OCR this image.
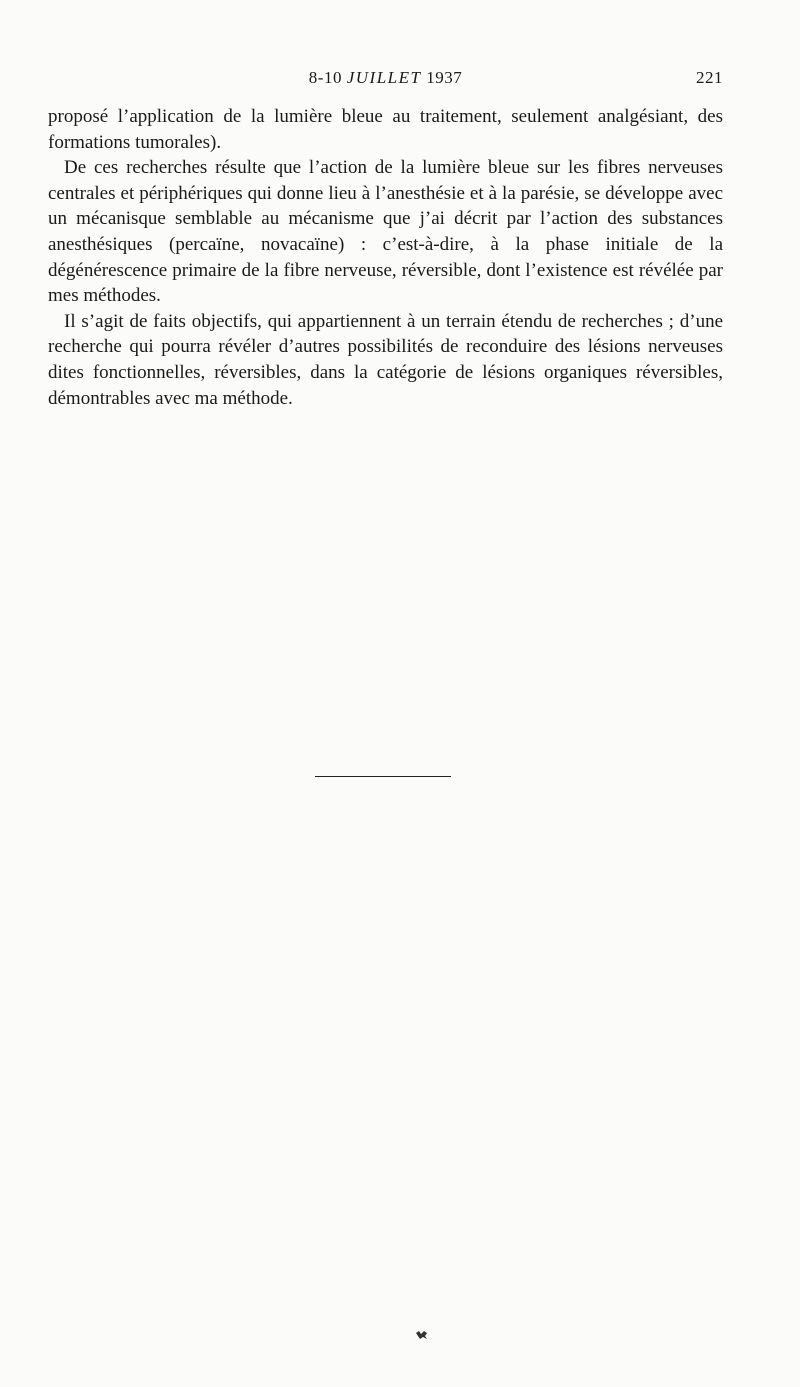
8-10 JUILLET 1937	221

proposé l’application de la lumière bleue au traitement, seulement analgésiant, des formations tumorales).

De ces recherches résulte que l’action de la lumière bleue sur les fibres nerveuses centrales et périphériques qui donne lieu à l’anesthésie et à la parésie, se développe avec un mécanisque semblable au mécanisme que j’ai décrit par l’action des substances anesthésiques (percaïne, novacaïne) : c’est-à-dire, à la phase initiale de la dégénérescence primaire de la fibre nerveuse, réversible, dont l’existence est révélée par mes méthodes.

Il s’agit de faits objectifs, qui appartiennent à un terrain étendu de recherches ; d’une recherche qui pourra révéler d’autres possibilités de reconduire des lésions nerveuses dites fonctionnelles, réversibles, dans la catégorie de lésions organiques réversibles, démontrables avec ma méthode.
